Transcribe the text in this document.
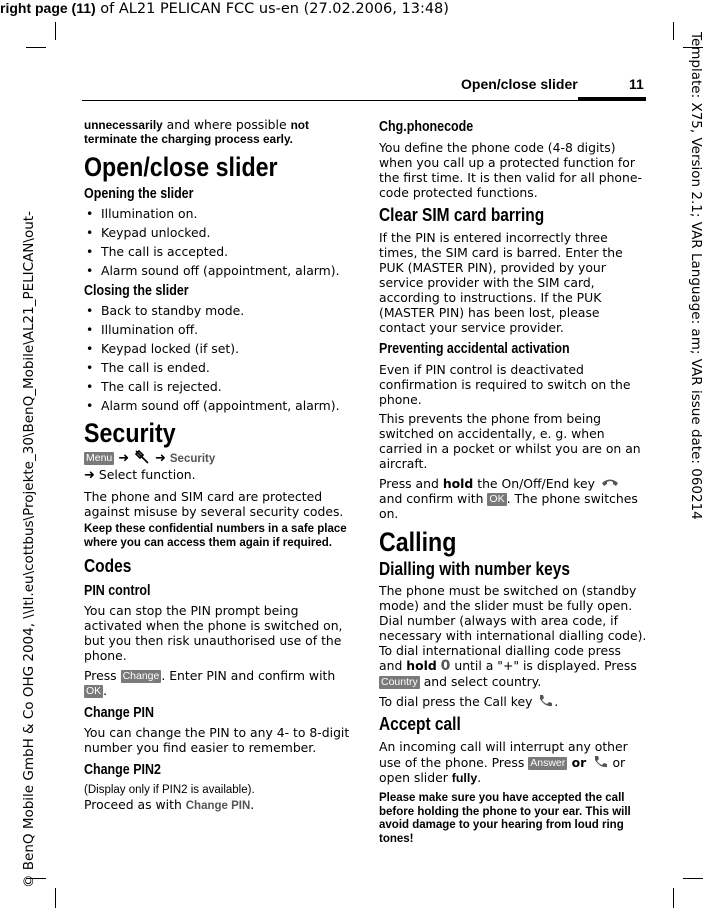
right page (11) of AL21 PELICAN FCC us-en (27.02.2006, 13:48)
© BenQ Mobile GmbH & Co OHG 2004, \\Itl.eu\cottbus\Projekte_30\BenQ_Mobile\AL21_PELICAN\out-	Template: X75, Version 2.1; VAR Language: am; VAR issue date: 060214
Open/close slider	11

unnecessarily and where possible not terminate the charging process early.

Open/close slider
Opening the slider
• Illumination on.
• Keypad unlocked.
• The call is accepted.
• Alarm sound off (appointment, alarm).
Closing the slider
• Back to standby mode.
• Illumination off.
• Keypad locked (if set).
• The call is ended.
• The call is rejected.
• Alarm sound off (appointment, alarm).
Security
Menu ➜ ➜ Security
➜ Select function.

The phone and SIM card are protected against misuse by several security codes.

Keep these confidential numbers in a safe place where you can access them again if required.

Codes
PIN control

You can stop the PIN prompt being activated when the phone is switched on, but you then risk unauthorised use of the phone.

Press Change . Enter PIN and confirm with OK .

Change PIN

You can change the PIN to any 4- to 8-digit number you find easier to remember.

Change PIN2

(Display only if PIN2 is available).

Proceed as with Change PIN.

Chg.phonecode

You define the phone code (4-8 digits) when you call up a protected function for the first time. It is then valid for all phone-code protected functions.

Clear SIM card barring

If the PIN is entered incorrectly three times, the SIM card is barred. Enter the PUK (MASTER PIN), provided by your service provider with the SIM card, according to instructions. If the PUK (MASTER PIN) has been lost, please contact your service provider.

Preventing accidental activation

Even if PIN control is deactivated confirmation is required to switch on the phone.

This prevents the phone from being switched on accidentally, e. g. when carried in a pocket or whilst you are on an aircraft.

Press and hold the On/Off/End key  and confirm with OK . The phone switches on.

Calling
Dialling with number keys

The phone must be switched on (standby mode) and the slider must be fully open. Dial number (always with area code, if necessary with international dialling code). To dial international dialling code press and hold 0 until a "+" is displayed. Press Country and select country.

To dial press the Call key .

Accept call

An incoming call will interrupt any other use of the phone. Press Answer or  or open slider fully.

Please make sure you have accepted the call before holding the phone to your ear. This will avoid damage to your hearing from loud ring tones!
